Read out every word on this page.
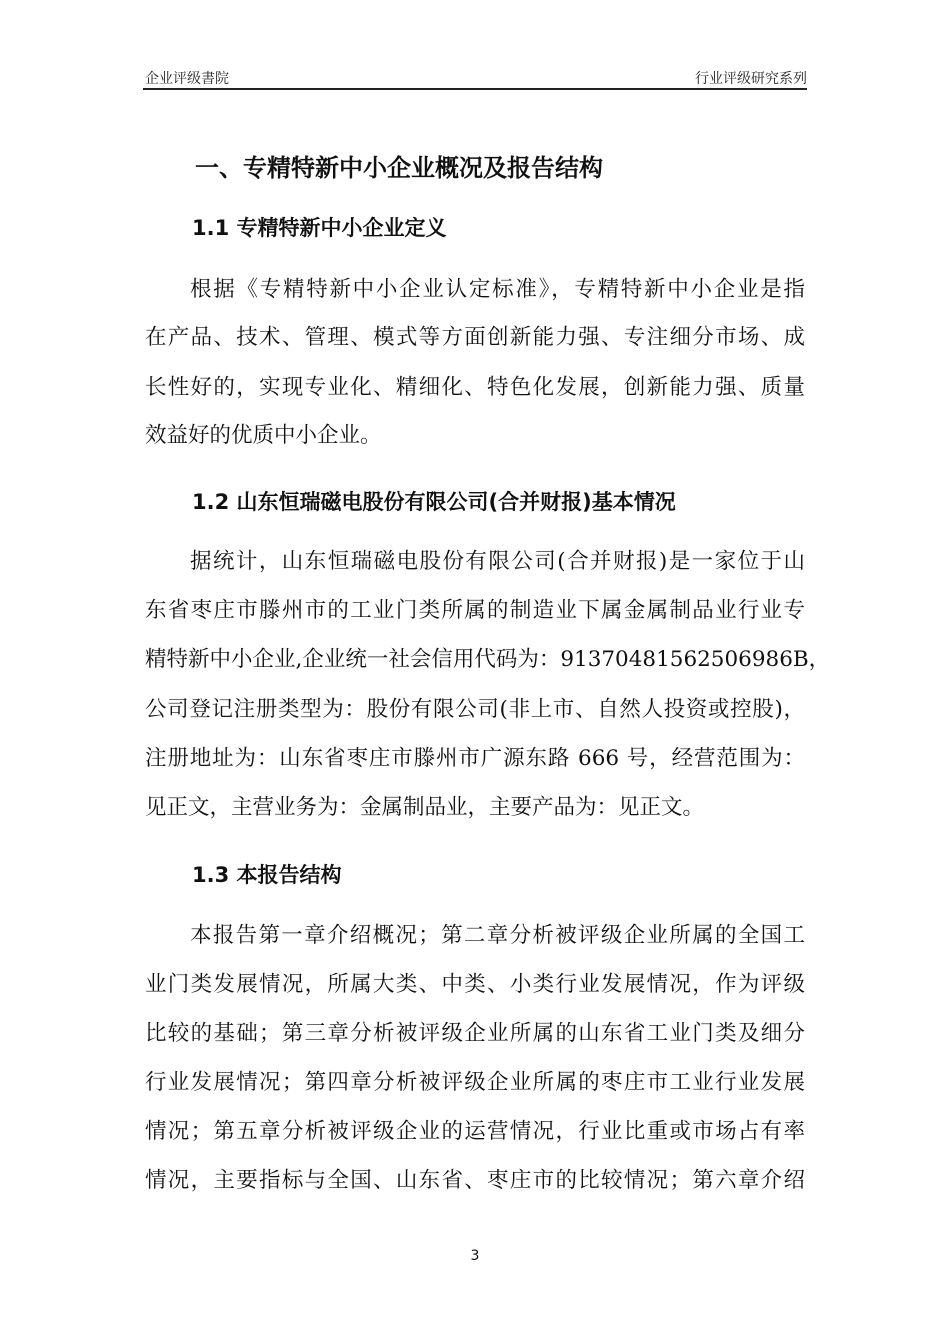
企业评级書院	行业评级研究系列
一、专精特新中小企业概况及报告结构
1.1 专精特新中小企业定义
根据《专精特新中小企业认定标准》，专精特新中小企业是指
在产品、技术、管理、模式等方面创新能力强、专注细分市场、成
长性好的，实现专业化、精细化、特色化发展，创新能力强、质量
效益好的优质中小企业。
1.2 山东恒瑞磁电股份有限公司(合并财报)基本情况
据统计，山东恒瑞磁电股份有限公司(合并财报)是一家位于山
东省枣庄市滕州市的工业门类所属的制造业下属金属制品业行业专
精特新中小企业,企业统一社会信用代码为：91370481562506986B，
公司登记注册类型为：股份有限公司(非上市、自然人投资或控股)，
注册地址为：山东省枣庄市滕州市广源东路 666 号，经营范围为：
见正文，主营业务为：金属制品业，主要产品为：见正文。
1.3 本报告结构
本报告第一章介绍概况；第二章分析被评级企业所属的全国工
业门类发展情况，所属大类、中类、小类行业发展情况，作为评级
比较的基础；第三章分析被评级企业所属的山东省工业门类及细分
行业发展情况；第四章分析被评级企业所属的枣庄市工业行业发展
情况；第五章分析被评级企业的运营情况，行业比重或市场占有率
情况，主要指标与全国、山东省、枣庄市的比较情况；第六章介绍
3
